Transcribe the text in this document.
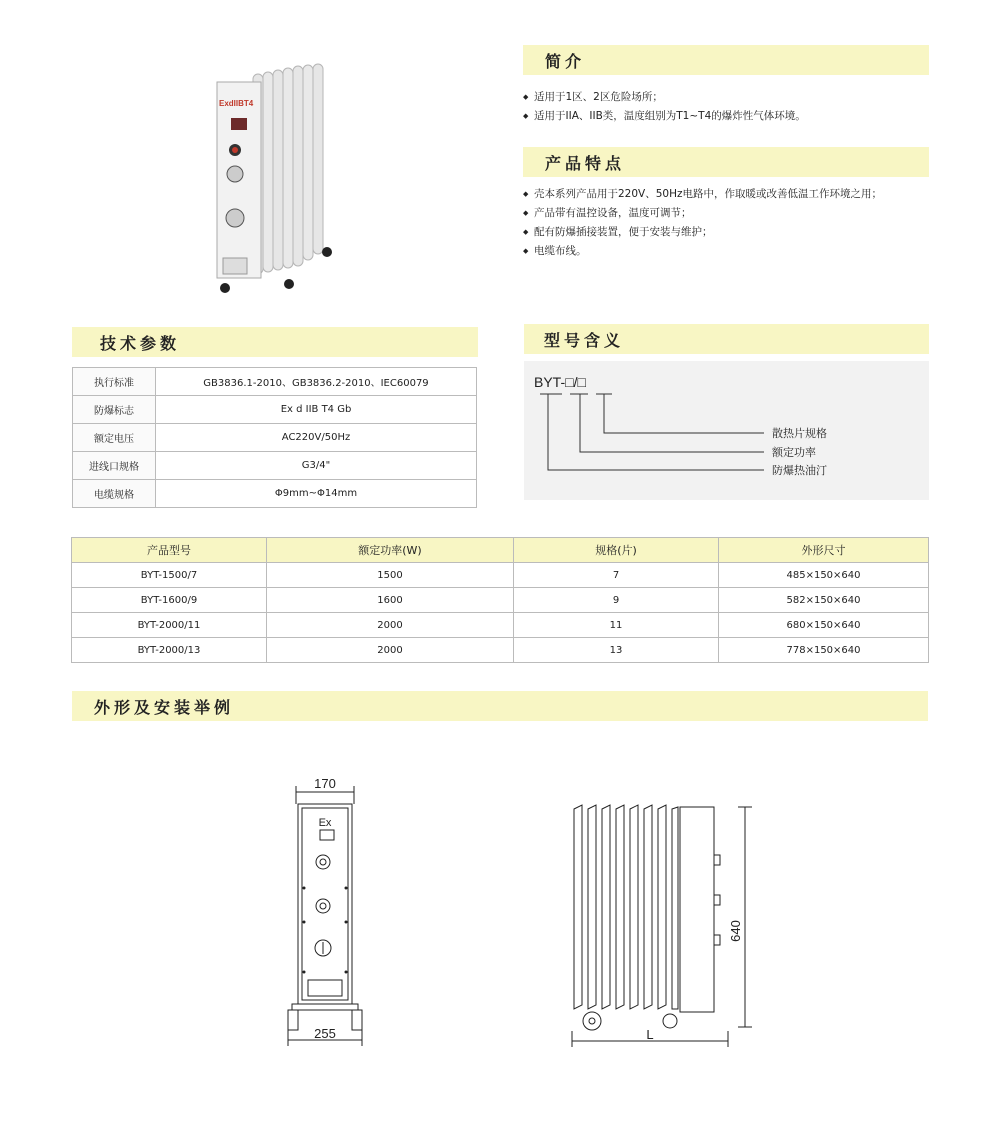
ExdIIBT4
简介
◆ 适用于1区、2区危险场所；
◆ 适用于IIA、IIB类，温度组别为T1~T4的爆炸性气体环境。
产品特点
◆ 壳本系列产品用于220V、50Hz电路中，作取暖或改善低温工作环境之用；
◆ 产品带有温控设备，温度可调节；
◆ 配有防爆插接装置，便于安装与维护；
◆ 电缆布线。
技术参数
执行标准	GB3836.1-2010、GB3836.2-2010、IEC60079
防爆标志	Ex d IIB T4 Gb
额定电压	AC220V/50Hz
进线口规格	G3/4"
电缆规格	Φ9mm~Φ14mm
型号含义
BYT-□/□
散热片规格
额定功率
防爆热油汀
产品型号	额定功率(W)	规格(片)	外形尺寸
BYT-1500/7	1500	7	485×150×640
BYT-1600/9	1600	9	582×150×640
BYT-2000/11	2000	11	680×150×640
BYT-2000/13	2000	13	778×150×640
外形及安装举例
170
Ex
255
640
L
